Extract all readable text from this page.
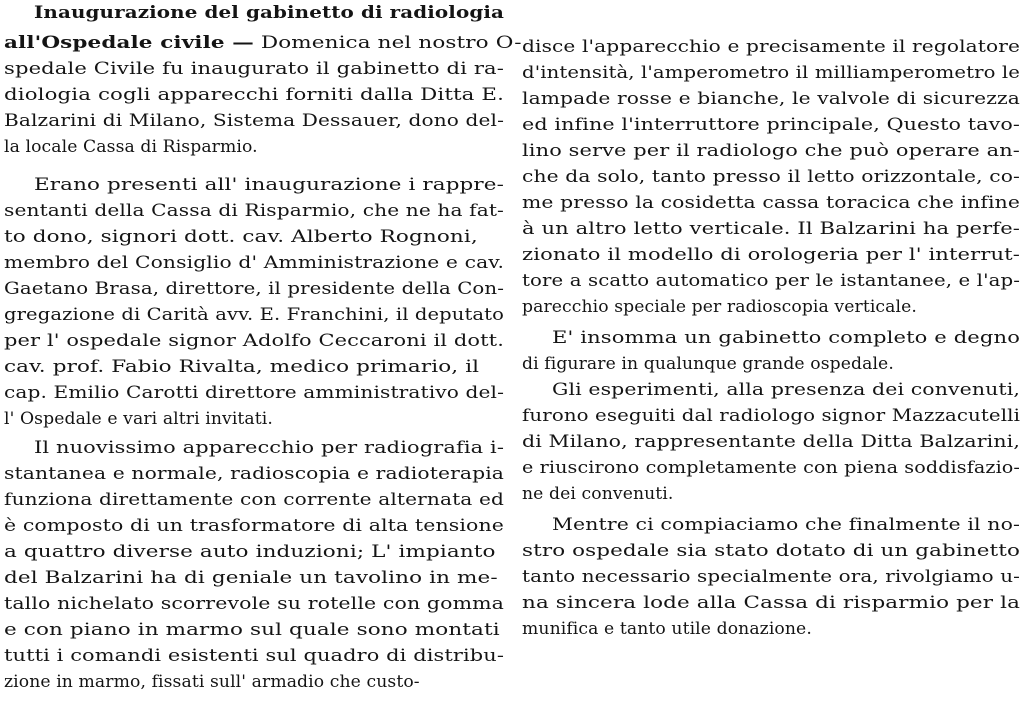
Inaugurazione del gabinetto di radiologia
all'Ospedale civile — Domenica nel nostro O-
spedale Civile fu inaugurato il gabinetto di ra-
diologia cogli apparecchi forniti dalla Ditta E.
Balzarini di Milano, Sistema Dessauer, dono del-
la locale Cassa di Risparmio.
Erano presenti all' inaugurazione i rappre-
sentanti della Cassa di Risparmio, che ne ha fat-
to dono, signori dott. cav. Alberto Rognoni,
membro del Consiglio d' Amministrazione e cav.
Gaetano Brasa, direttore, il presidente della Con-
gregazione di Carità avv. E. Franchini, il deputato
per l' ospedale signor Adolfo Ceccaroni il dott.
cav. prof. Fabio Rivalta, medico primario, il
cap. Emilio Carotti direttore amministrativo del-
l' Ospedale e vari altri invitati.
Il nuovissimo apparecchio per radiografia i-
stantanea e normale, radioscopia e radioterapia
funziona direttamente con corrente alternata ed
è composto di un trasformatore di alta tensione
a quattro diverse auto induzioni; L' impianto
del Balzarini ha di geniale un tavolino in me-
tallo nichelato scorrevole su rotelle con gomma
e con piano in marmo sul quale sono montati
tutti i comandi esistenti sul quadro di distribu-
zione in marmo, fissati sull' armadio che custo-
disce l'apparecchio e precisamente il regolatore
d'intensità, l'amperometro il milliamperometro le
lampade rosse e bianche, le valvole di sicurezza
ed infine l'interruttore principale, Questo tavo-
lino serve per il radiologo che può operare an-
che da solo, tanto presso il letto orizzontale, co-
me presso la cosidetta cassa toracica che infine
à un altro letto verticale. Il Balzarini ha perfe-
zionato il modello di orologeria per l' interrut-
tore a scatto automatico per le istantanee, e l'ap-
parecchio speciale per radioscopia verticale.
E' insomma un gabinetto completo e degno
di figurare in qualunque grande ospedale.
Gli esperimenti, alla presenza dei convenuti,
furono eseguiti dal radiologo signor Mazzacutelli
di Milano, rappresentante della Ditta Balzarini,
e riuscirono completamente con piena soddisfazio-
ne dei convenuti.
Mentre ci compiaciamo che finalmente il no-
stro ospedale sia stato dotato di un gabinetto
tanto necessario specialmente ora, rivolgiamo u-
na sincera lode alla Cassa di risparmio per la
munifica e tanto utile donazione.
